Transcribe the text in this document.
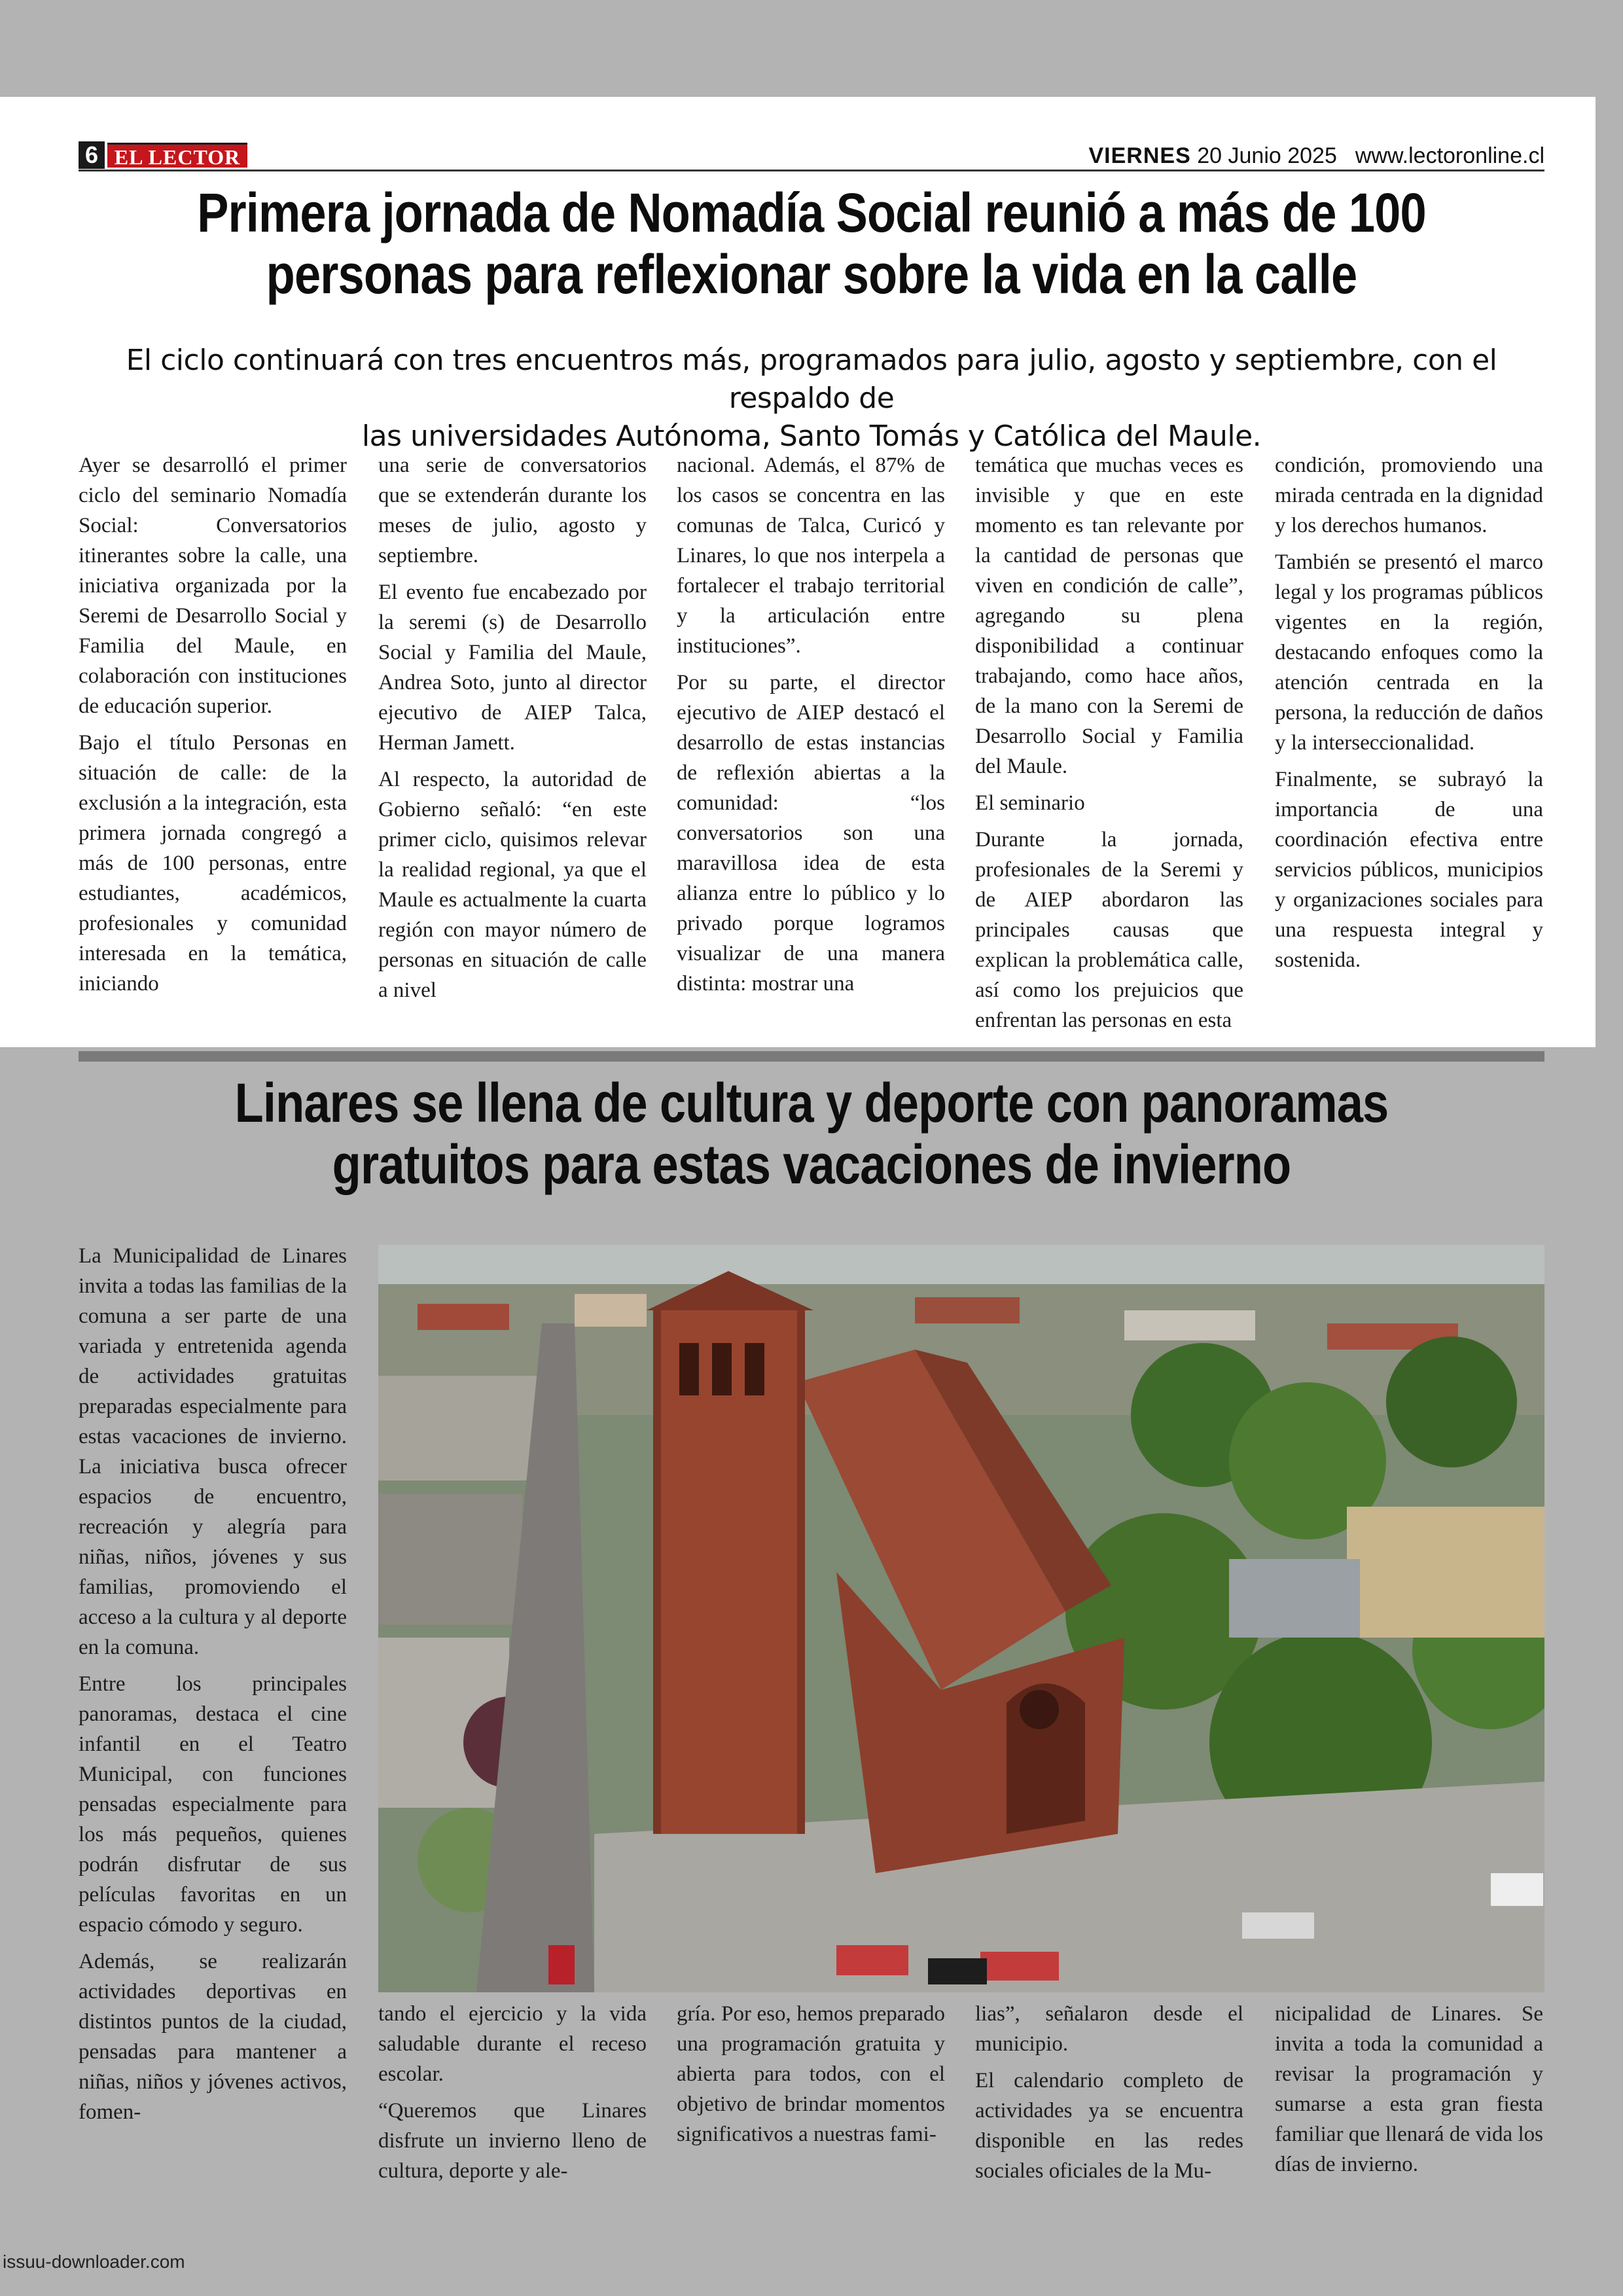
6 EL LECTOR	VIERNES 20 Junio 2025 www.lectoronline.cl
Primera jornada de Nomadía Social reunió a más de 100
personas para reflexionar sobre la vida en la calle
El ciclo continuará con tres encuentros más, programados para julio, agosto y septiembre, con el respaldo de
las universidades Autónoma, Santo Tomás y Católica del Maule.

Ayer se desarrolló el primer ciclo del seminario Nomadía Social: Conversatorios itinerantes sobre la calle, una iniciativa organizada por la Seremi de Desarrollo Social y Familia del Maule, en colaboración con instituciones de educación superior.

Bajo el título Personas en situación de calle: de la exclusión a la integración, esta primera jornada congregó a más de 100 personas, entre estudiantes, académicos, profesionales y comunidad interesada en la temática, iniciando

una serie de conversatorios que se extenderán durante los meses de julio, agosto y septiembre.

El evento fue encabezado por la seremi (s) de Desarrollo Social y Familia del Maule, Andrea Soto, junto al director ejecutivo de AIEP Talca, Herman Jamett.

Al respecto, la autoridad de Gobierno señaló: “en este primer ciclo, quisimos relevar la realidad regional, ya que el Maule es actualmente la cuarta región con mayor número de personas en situación de calle a nivel

nacional. Además, el 87% de los casos se concentra en las comunas de Talca, Curicó y Linares, lo que nos interpela a fortalecer el trabajo territorial y la articulación entre instituciones”.

Por su parte, el director ejecutivo de AIEP destacó el desarrollo de estas instancias de reflexión abiertas a la comunidad: “los conversatorios son una maravillosa idea de esta alianza entre lo público y lo privado porque logramos visualizar de una manera distinta: mostrar una

temática que muchas veces es invisible y que en este momento es tan relevante por la cantidad de personas que viven en condición de calle”, agregando su plena disponibilidad a continuar trabajando, como hace años, de la mano con la Seremi de Desarrollo Social y Familia del Maule.

El seminario

Durante la jornada, profesionales de la Seremi y de AIEP abordaron las principales causas que explican la problemática calle, así como los prejuicios que enfrentan las personas en esta

condición, promoviendo una mirada centrada en la dignidad y los derechos humanos.

También se presentó el marco legal y los programas públicos vigentes en la región, destacando enfoques como la atención centrada en la persona, la reducción de daños y la interseccionalidad.

Finalmente, se subrayó la importancia de una coordinación efectiva entre servicios públicos, municipios y organizaciones sociales para una respuesta integral y sostenida.

Linares se llena de cultura y deporte con panoramas
gratuitos para estas vacaciones de invierno

La Municipalidad de Linares invita a todas las familias de la comuna a ser parte de una variada y entretenida agenda de actividades gratuitas preparadas especialmente para estas vacaciones de invierno. La iniciativa busca ofrecer espacios de encuentro, recreación y alegría para niñas, niños, jóvenes y sus familias, promoviendo el acceso a la cultura y al deporte en la comuna.

Entre los principales panoramas, destaca el cine infantil en el Teatro Municipal, con funciones pensadas especialmente para los más pequeños, quienes podrán disfrutar de sus películas favoritas en un espacio cómodo y seguro.

Además, se realizarán actividades deportivas en distintos puntos de la ciudad, pensadas para mantener a niñas, niños y jóvenes activos, fomen-

tando el ejercicio y la vida saludable durante el receso escolar.

“Queremos que Linares disfrute un invierno lleno de cultura, deporte y ale-

gría. Por eso, hemos preparado una programación gratuita y abierta para todos, con el objetivo de brindar momentos significativos a nuestras fami-

lias”, señalaron desde el municipio.

El calendario completo de actividades ya se encuentra disponible en las redes sociales oficiales de la Mu-

nicipalidad de Linares. Se invita a toda la comunidad a revisar la programación y sumarse a esta gran fiesta familiar que llenará de vida los días de invierno.

issuu-downloader.com
